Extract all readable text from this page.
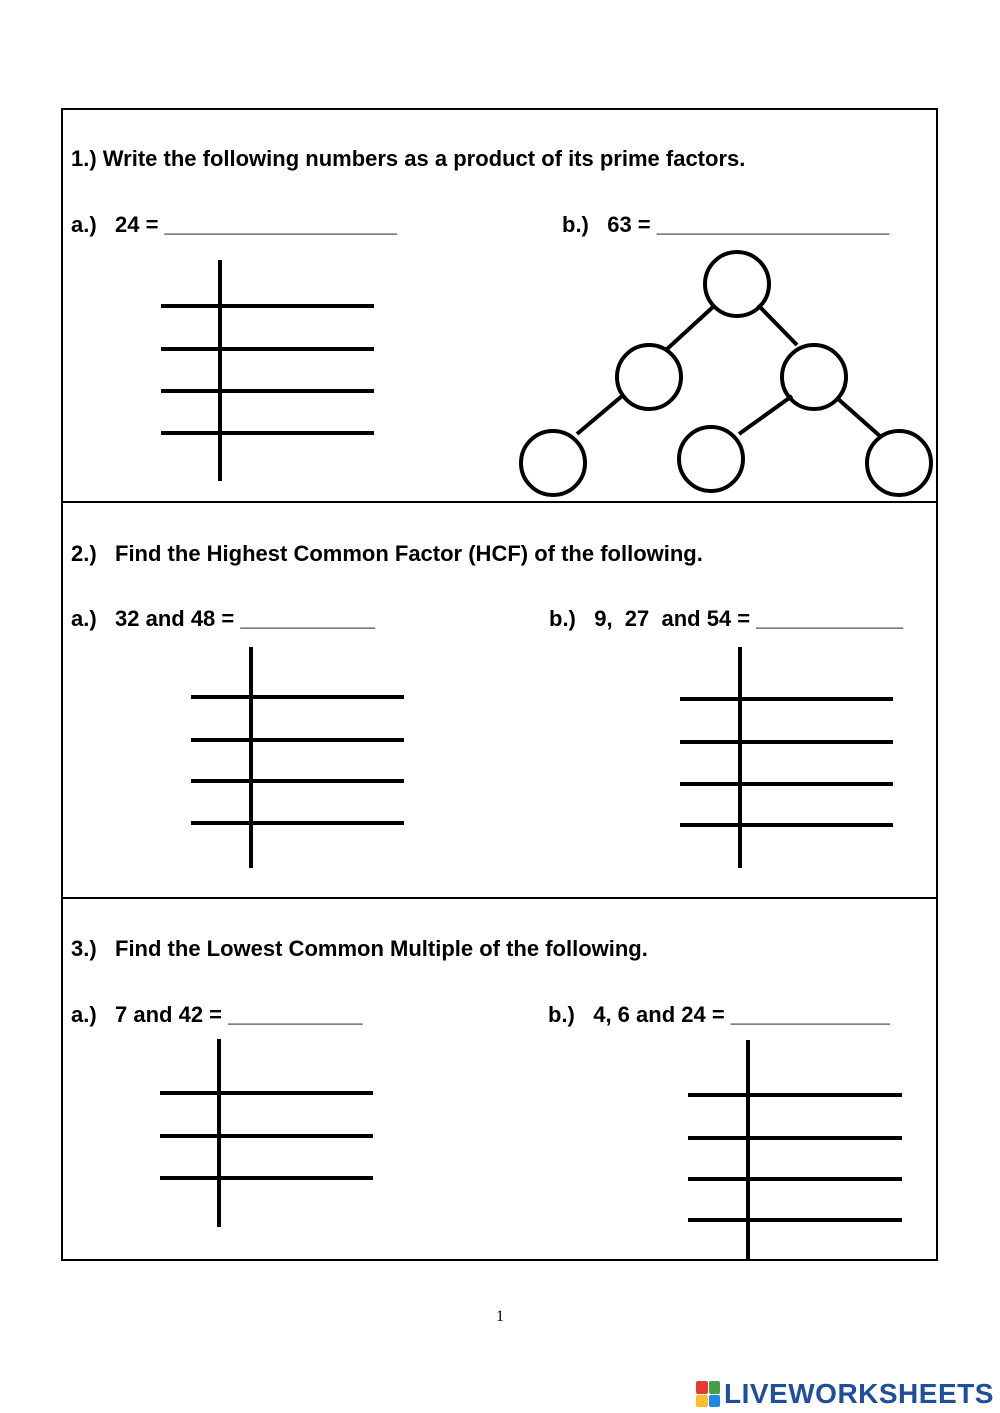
1.) Write the following numbers as a product of its prime factors.
a.)   24 = ___________________	b.)   63 = ___________________
2.)   Find the Highest Common Factor (HCF) of the following.
a.)   32 and 48 = ___________	b.)   9,  27  and 54 = ____________
3.)   Find the Lowest Common Multiple of the following.
a.)   7 and 42 = ___________	b.)   4, 6 and 24 = _____________
1
LIVEWORKSHEETS
